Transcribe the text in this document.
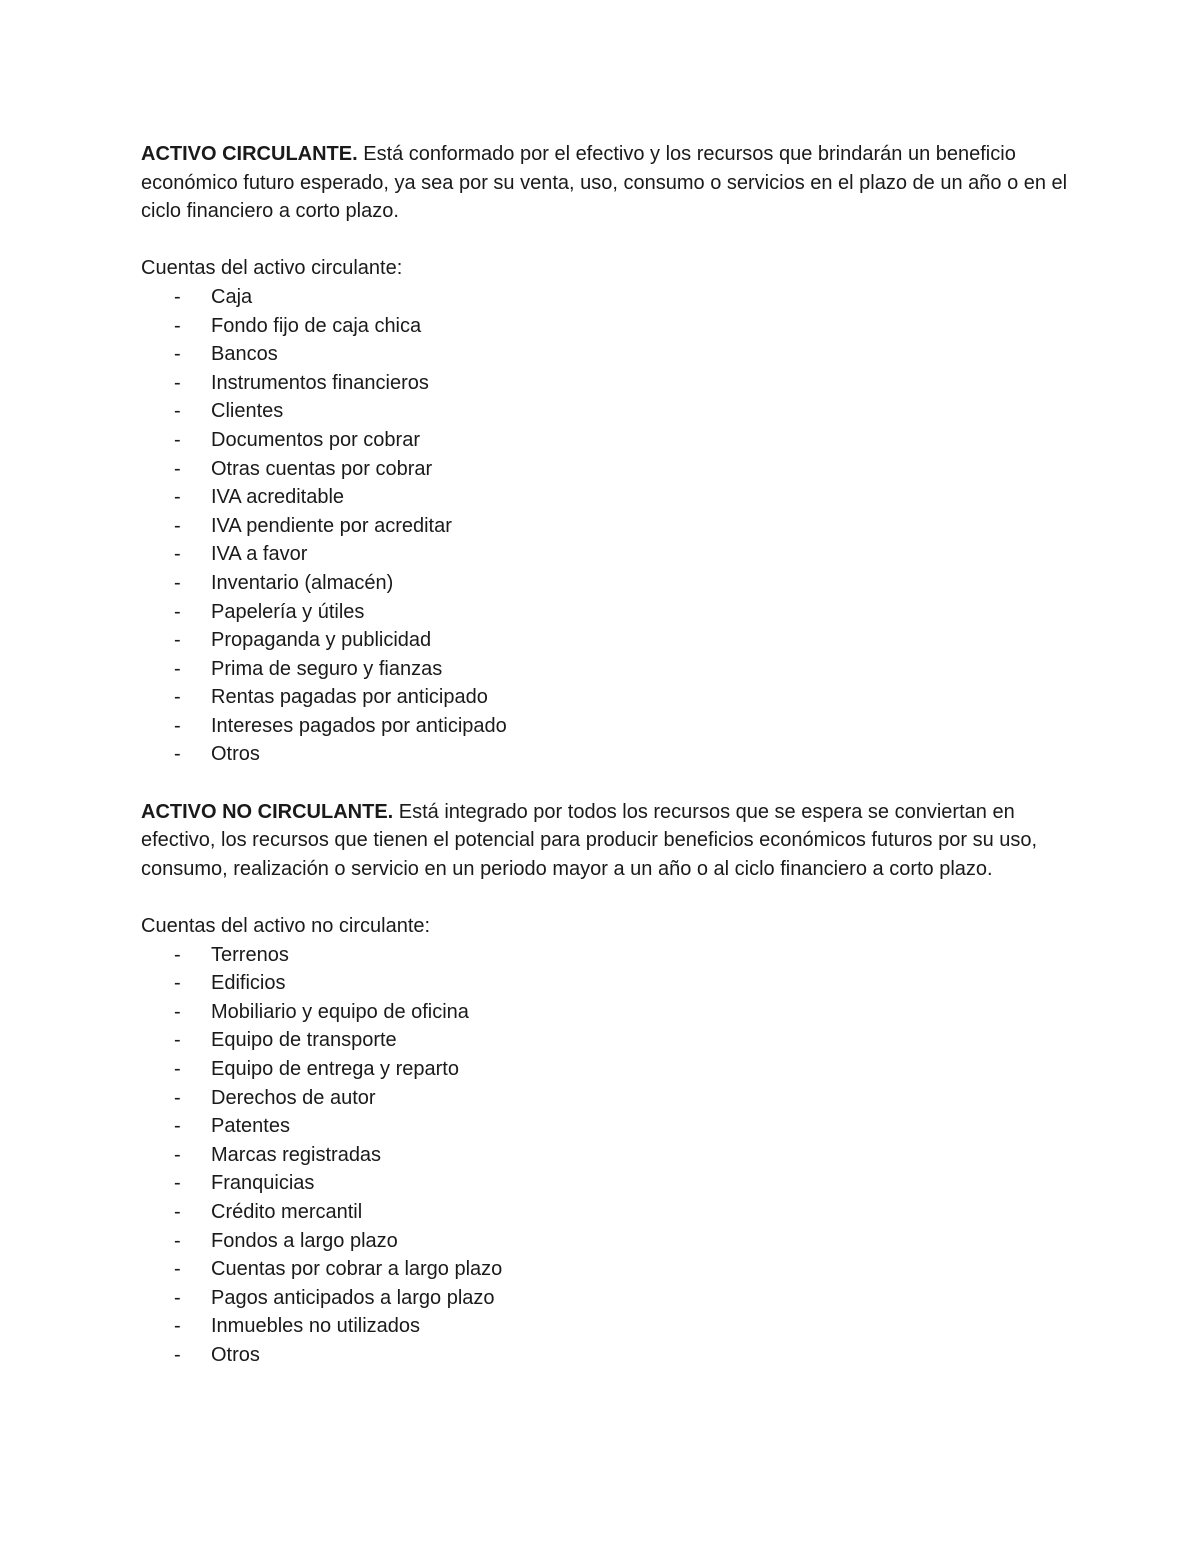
ACTIVO CIRCULANTE. Está conformado por el efectivo y los recursos que brindarán un beneficio económico futuro esperado, ya sea por su venta, uso, consumo o servicios en el plazo de un año o en el ciclo financiero a corto plazo.

Cuentas del activo circulante:

- Caja
- Fondo fijo de caja chica
- Bancos
- Instrumentos financieros
- Clientes
- Documentos por cobrar
- Otras cuentas por cobrar
- IVA acreditable
- IVA pendiente por acreditar
- IVA a favor
- Inventario (almacén)
- Papelería y útiles
- Propaganda y publicidad
- Prima de seguro y fianzas
- Rentas pagadas por anticipado
- Intereses pagados por anticipado
- Otros

ACTIVO NO CIRCULANTE. Está integrado por todos los recursos que se espera se conviertan en efectivo, los recursos que tienen el potencial para producir beneficios económicos futuros por su uso, consumo, realización o servicio en un periodo mayor a un año o al ciclo financiero a corto plazo.

Cuentas del activo no circulante:

- Terrenos
- Edificios
- Mobiliario y equipo de oficina
- Equipo de transporte
- Equipo de entrega y reparto
- Derechos de autor
- Patentes
- Marcas registradas
- Franquicias
- Crédito mercantil
- Fondos a largo plazo
- Cuentas por cobrar a largo plazo
- Pagos anticipados a largo plazo
- Inmuebles no utilizados
- Otros
